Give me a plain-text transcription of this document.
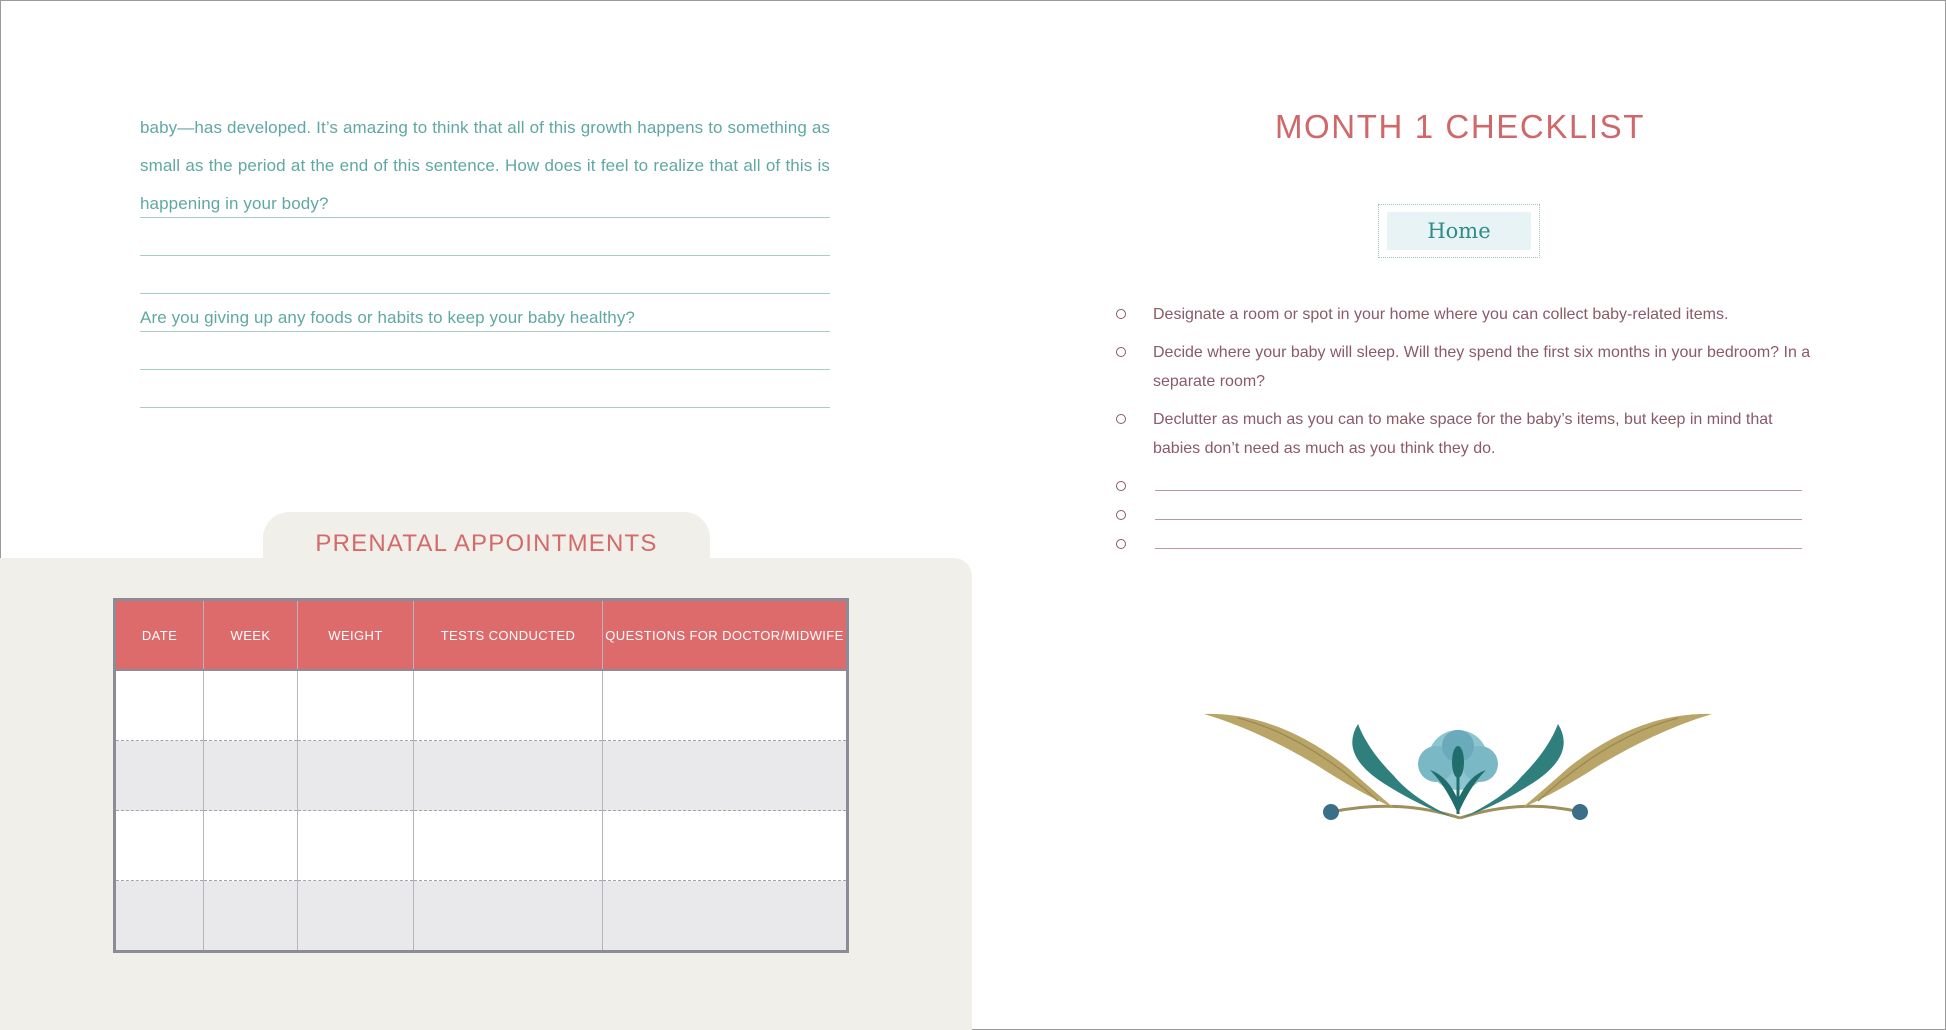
baby—has developed. It’s amazing to think that all of this growth happens to something as
small as the period at the end of this sentence. How does it feel to realize that all of this is
happening in your body?
Are you giving up any foods or habits to keep your baby healthy?
PRENATAL APPOINTMENTS
DATE	WEEK	WEIGHT	TESTS CONDUCTED	QUESTIONS FOR DOCTOR/MIDWIFE

MONTH 1 CHECKLIST
Home
Designate a room or spot in your home where you can collect baby-related items.
Decide where your baby will sleep. Will they spend the first six months in your bedroom? In a separate room?
Declutter as much as you can to make space for the baby’s items, but keep in mind that babies don’t need as much as you think they do.
